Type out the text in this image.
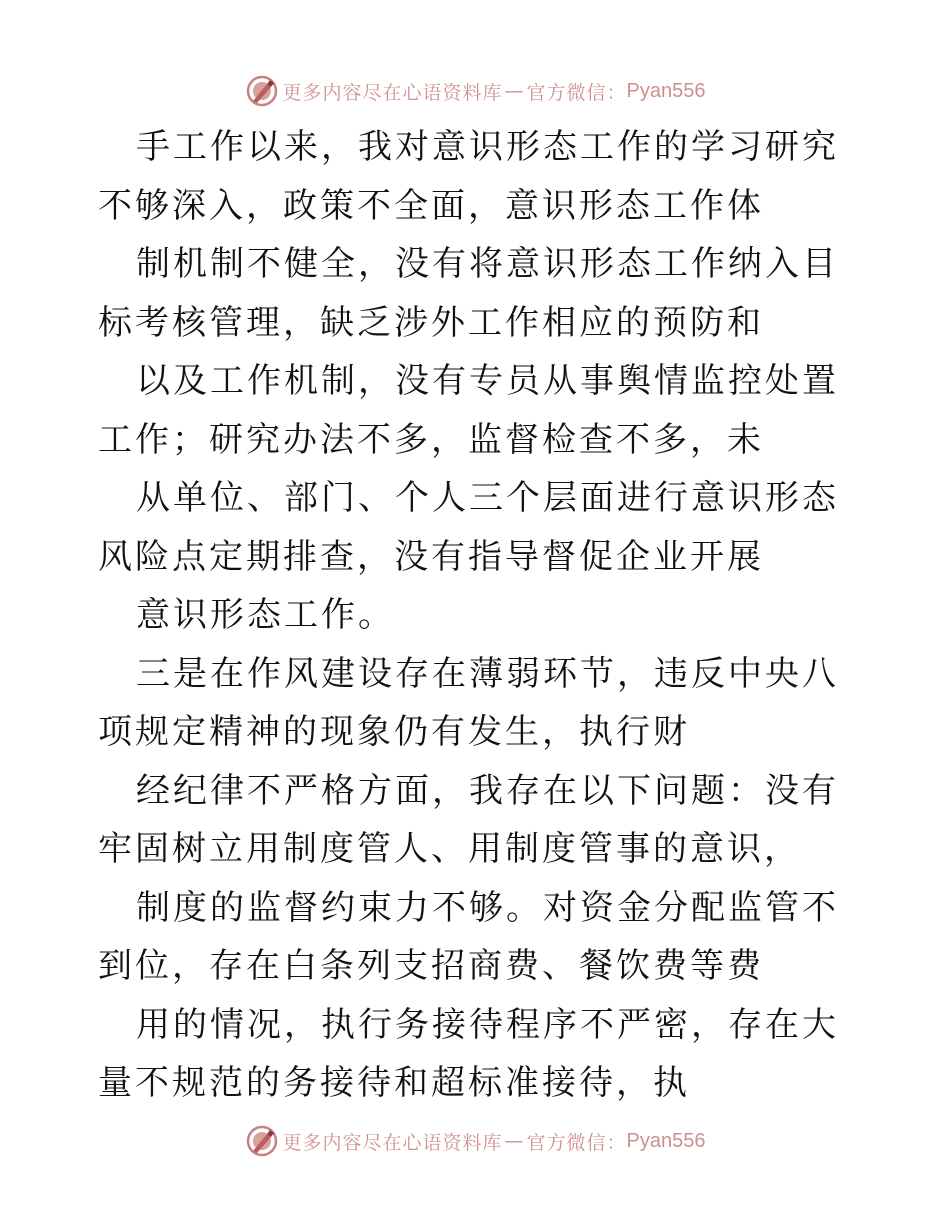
更多内容尽在心语资料库 — 官方微信： Pyan556

手工作以来，我对意识形态工作的学习研究不够深入，政策不全面，意识形态工作体

制机制不健全，没有将意识形态工作纳入目标考核管理，缺乏涉外工作相应的预防和

以及工作机制，没有专员从事舆情监控处置工作；研究办法不多，监督检查不多，未

从单位、部门、个人三个层面进行意识形态风险点定期排查，没有指导督促企业开展

意识形态工作。

三是在作风建设存在薄弱环节，违反中央八项规定精神的现象仍有发生，执行财

经纪律不严格方面，我存在以下问题：没有牢固树立用制度管人、用制度管事的意识，

制度的监督约束力不够。对资金分配监管不到位，存在白条列支招商费、餐饮费等费

用的情况，执行务接待程序不严密，存在大量不规范的务接待和超标准接待，执

更多内容尽在心语资料库 — 官方微信： Pyan556
